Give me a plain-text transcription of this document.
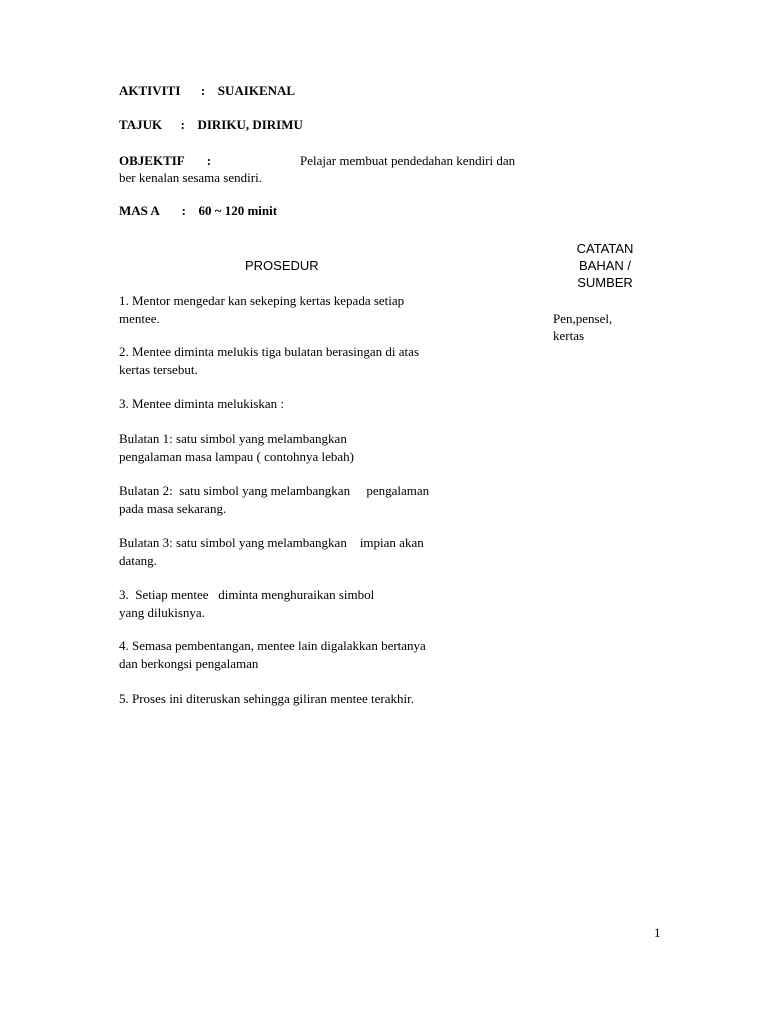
AKTIVITI : SUAIKENAL
TAJUK : DIRIKU, DIRIMU
OBJEKTIF :	Pelajar membuat pendedahan kendiri dan
ber kenalan sesama sendiri.
MAS A : 60 ~ 120 minit
PROSEDUR
CATATAN
BAHAN /
SUMBER
Pen,pensel,
kertas
1. Mentor mengedar kan sekeping kertas kepada setiap
mentee.
2. Mentee diminta melukis tiga bulatan berasingan di atas
kertas tersebut.
3. Mentee diminta melukiskan :
Bulatan 1: satu simbol yang melambangkan
pengalaman masa lampau ( contohnya lebah)
Bulatan 2:  satu simbol yang melambangkan     pengalaman
pada masa sekarang.
Bulatan 3: satu simbol yang melambangkan    impian akan
datang.
3.  Setiap mentee   diminta menghuraikan simbol
yang dilukisnya.
4. Semasa pembentangan, mentee lain digalakkan bertanya
dan berkongsi pengalaman
5. Proses ini diteruskan sehingga giliran mentee terakhir.
1
